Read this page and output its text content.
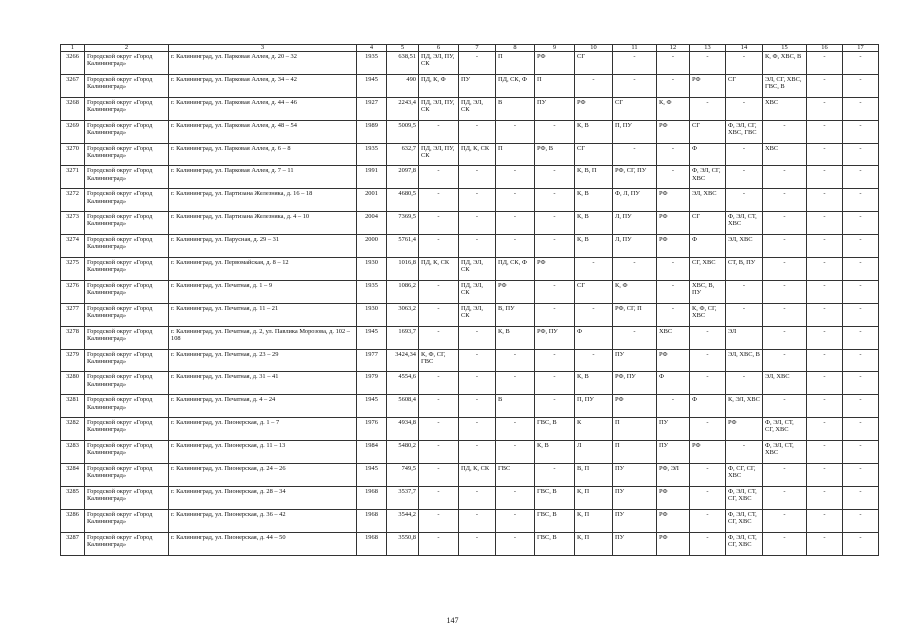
1	2	3	4	5	6	7	8	9	10	11	12	13	14	15	16	17
3266	Городской округ «Город Калининград»	г. Калининград, ул. Парковая Аллея, д. 20 – 32	1935	638,51	ПД, ЭЛ, ПУ, СК	-	П	РФ	СГ	-	-	-	-	К, Ф, ХВС, В	-	-
3267	Городской округ «Город Калининград»	г. Калининград, ул. Парковая Аллея, д. 34 – 42	1945	490	ПД, К, Ф	ПУ	ПД, СК, Ф	П	-	-	-	РФ	СГ	ЭЛ, СГ, ХВС, ГВС, В	-	-
3268	Городской округ «Город Калининград»	г. Калининград, ул. Парковая Аллея, д. 44 – 46	1927	2243,4	ПД, ЭЛ, ПУ, СК	ПД, ЭЛ, СК	В	ПУ	РФ	СГ	К, Ф	-	-	ХВС	-	-
3269	Городской округ «Город Калининград»	г. Калининград, ул. Парковая Аллея, д. 48 – 54	1989	5009,5	-	-	-	-	К, В	П, ПУ	РФ	СГ	Ф, ЭЛ, СГ, ХВС, ГВС	-	-	-
3270	Городской округ «Город Калининград»	г. Калининград, ул. Парковая Аллея, д. 6 – 8	1935	632,7	ПД, ЭЛ, ПУ, СК	ПД, К, СК	П	РФ, В	СГ	-	-	Ф	-	ХВС	-	-
3271	Городской округ «Город Калининград»	г. Калининград, ул. Парковая Аллея, д. 7 – 11	1991	2097,8	-	-	-	-	К, В, П	РФ, СГ, ПУ	-	Ф, ЭЛ, СГ, ХВС	-	-	-	-
3272	Городской округ «Город Калининград»	г. Калининград, ул. Партизана Железняка, д. 16 – 18	2001	4680,5	-	-	-	-	К, В	Ф, Л, ПУ	РФ	ЭЛ, ХВС	-	-	-	-
3273	Городской округ «Город Калининград»	г. Калининград, ул. Партизана Железняка, д. 4 – 10	2004	7369,5	-	-	-	-	К, В	Л, ПУ	РФ	СГ	Ф, ЭЛ, СТ, ХВС	-	-	-
3274	Городской округ «Город Калининград»	г. Калининград, ул. Парусная, д. 29 – 31	2000	5761,4	-	-	-	-	К, В	Л, ПУ	РФ	Ф	ЭЛ, ХВС	-	-	-
3275	Городской округ «Город Калининград»	г. Калининград, ул. Первомайская, д. 8 – 12	1930	1016,8	ПД, К, СК	ПД, ЭЛ, СК	ПД, СК, Ф	РФ	-	-	-	СГ, ХВС	СТ, В, ПУ	-	-	-
3276	Городской округ «Город Калининград»	г. Калининград, ул. Печатная, д. 1 – 9	1935	1086,2	-	ПД, ЭЛ, СК	РФ	-	СГ	К, Ф	-	ХВС, В, ПУ	-	-	-	-
3277	Городской округ «Город Калининград»	г. Калининград, ул. Печатная, д. 11 – 21	1930	3063,2	-	ПД, ЭЛ, СК	В, ПУ	-	-	РФ, СГ, П	-	К, Ф, СГ, ХВС	-	-	-	-
3278	Городской округ «Город Калининград»	г. Калининград, ул. Печатная, д. 2, ул. Павлика Морозова, д. 102 – 108	1945	1693,7	-	-	К, В	РФ, ПУ	Ф	-	ХВС	-	ЭЛ	-	-	-
3279	Городской округ «Город Калининград»	г. Калининград, ул. Печатная, д. 23 – 29	1977	3424,34	К, Ф, СГ, ГВС	-	-	-	-	ПУ	РФ	-	ЭЛ, ХВС, В	-	-	-
3280	Городской округ «Город Калининград»	г. Калининград, ул. Печатная, д. 31 – 41	1979	4554,6	-	-	-	-	К, В	РФ, ПУ	Ф	-	-	ЭЛ, ХВС	-	-
3281	Городской округ «Город Калининград»	г. Калининград, ул. Печатная, д. 4 – 24	1945	5608,4	-	-	В	-	П, ПУ	РФ	-	Ф	К, ЭЛ, ХВС	-	-	-
3282	Городской округ «Город Калининград»	г. Калининград, ул. Пионерская, д. 1 – 7	1976	4934,8	-	-	-	ГВС, В	К	П	ПУ	-	РФ	Ф, ЭЛ, СТ, СГ, ХВС	-	-
3283	Городской округ «Город Калининград»	г. Калининград, ул. Пионерская, д. 11 – 13	1984	5480,2	-	-	-	К, В	Л	П	ПУ	РФ	-	Ф, ЭЛ, СТ, ХВС	-	-
3284	Городской округ «Город Калининград»	г. Калининград, ул. Пионерская, д. 24 – 26	1945	749,5	-	ПД, К, СК	ГВС	-	В, П	ПУ	РФ, ЭЛ	-	Ф, СГ, СГ, ХВС	-	-	-
3285	Городской округ «Город Калининград»	г. Калининград, ул. Пионерская, д. 28 – 34	1968	3537,7	-	-	-	ГВС, В	К, П	ПУ	РФ	-	Ф, ЭЛ, СТ, СГ, ХВС	-	-	-
3286	Городской округ «Город Калининград»	г. Калининград, ул. Пионерская, д. 36 – 42	1968	3544,2	-	-	-	ГВС, В	К, П	ПУ	РФ	-	Ф, ЭЛ, СТ, СГ, ХВС	-	-	-
3287	Городской округ «Город Калининград»	г. Калининград, ул. Пионерская, д. 44 – 50	1968	3550,8	-	-	-	ГВС, В	К, П	ПУ	РФ	-	Ф, ЭЛ, СТ, СГ, ХВС	-	-	-
147
